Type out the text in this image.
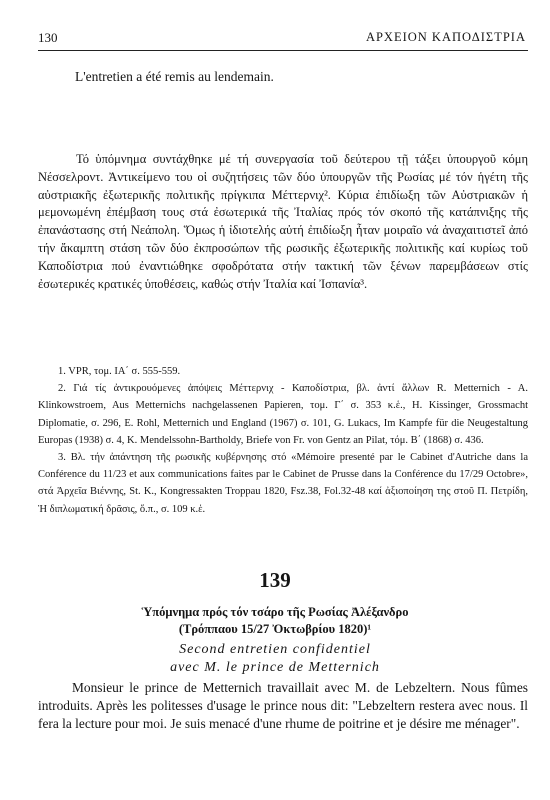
130	ΑΡΧΕΙΟΝ ΚΑΠΟΔΙΣΤΡΙΑ
L'entretien a été remis au lendemain.
Τό ὑπόμνημα συντάχθηκε μέ τή συνεργασία τοῦ δεύτερου τῇ τάξει ὑπουργοῦ κόμη Νέσσελροντ. Ἀντικείμενο του οἱ συζητήσεις τῶν δύο ὑπουργῶν τῆς Ρωσίας μέ τόν ἡγέτη τῆς αὐστριακῆς ἐξωτερικῆς πολιτικῆς πρίγκιπα Μέττερνιχ². Κύρια ἐπιδίωξη τῶν Αὐστριακῶν ἡ μεμονωμένη ἐπέμβαση τους στά ἐσωτερικά τῆς Ἰταλίας πρός τόν σκοπό τῆς κατάπνιξης τῆς ἐπανάστασης στή Νεάπολη. Ὅμως ἡ ἰδιοτελής αὐτή ἐπιδίωξη ἦταν μοιραῖο νά ἀναχαιτιστεῖ ἀπό τήν ἄκαμπτη στάση τῶν δύο ἐκπροσώπων τῆς ρωσικῆς ἐξωτερικῆς πολιτικῆς καί κυρίως τοῦ Καποδίστρια πού ἐναντιώθηκε σφοδρότατα στήν τακτική τῶν ξένων παρεμβάσεων στίς ἐσωτερικές κρατικές ὑποθέσεις, καθώς στήν Ἰταλία καί Ἰσπανία³.

1. VPR, τομ. ΙΑ΄ σ. 555-559.

2. Γιά τίς ἀντικρουόμενες ἀπόψεις Μέττερνιχ - Καποδίστρια, βλ. ἀντί ἄλλων R. Metternich - A. Klinkowstroem, Aus Metternichs nachgelassenen Papieren, τομ. Γ΄ σ. 353 κ.ἑ., H. Kissinger, Grossmacht Diplomatie, σ. 296, E. Rohl, Metternich und England (1967) σ. 101, G. Lukacs, Im Kampfe für die Neugestaltung Europas (1938) σ. 4, K. Mendelssohn-Bartholdy, Briefe von Fr. von Gentz an Pilat, τόμ. Β΄ (1868) σ. 436.

3. Βλ. τήν ἀπάντηση τῆς ρωσικῆς κυβέρνησης στό «Mémoire presenté par le Cabinet d'Autriche dans la Conférence du 11/23 et aux communications faites par le Cabinet de Prusse dans la Conférence du 17/29 Octobre», στά Ἀρχεῖα Βιέννης, St. K., Kongressakten Troppau 1820, Fsz.38, Fol.32-48 καί ἀξιοποίηση της στοῦ Π. Πετρίδη, Ἡ διπλωματική δρᾶσις, ὅ.π., σ. 109 κ.ἑ.

139
Ὑπόμνημα πρός τόν τσάρο τῆς Ρωσίας Ἀλέξανδρο
(Τρόππαου 15/27 Ὀκτωβρίου 1820)¹
Second entretien confidentiel
avec M. le prince de Metternich
Monsieur le prince de Metternich travaillait avec M. de Lebzeltern. Nous fûmes introduits. Après les politesses d'usage le prince nous dit: "Lebzeltern restera avec nous. Il fera la lecture pour moi. Je suis menacé d'une rhume de poitrine et je désire me ménager".
